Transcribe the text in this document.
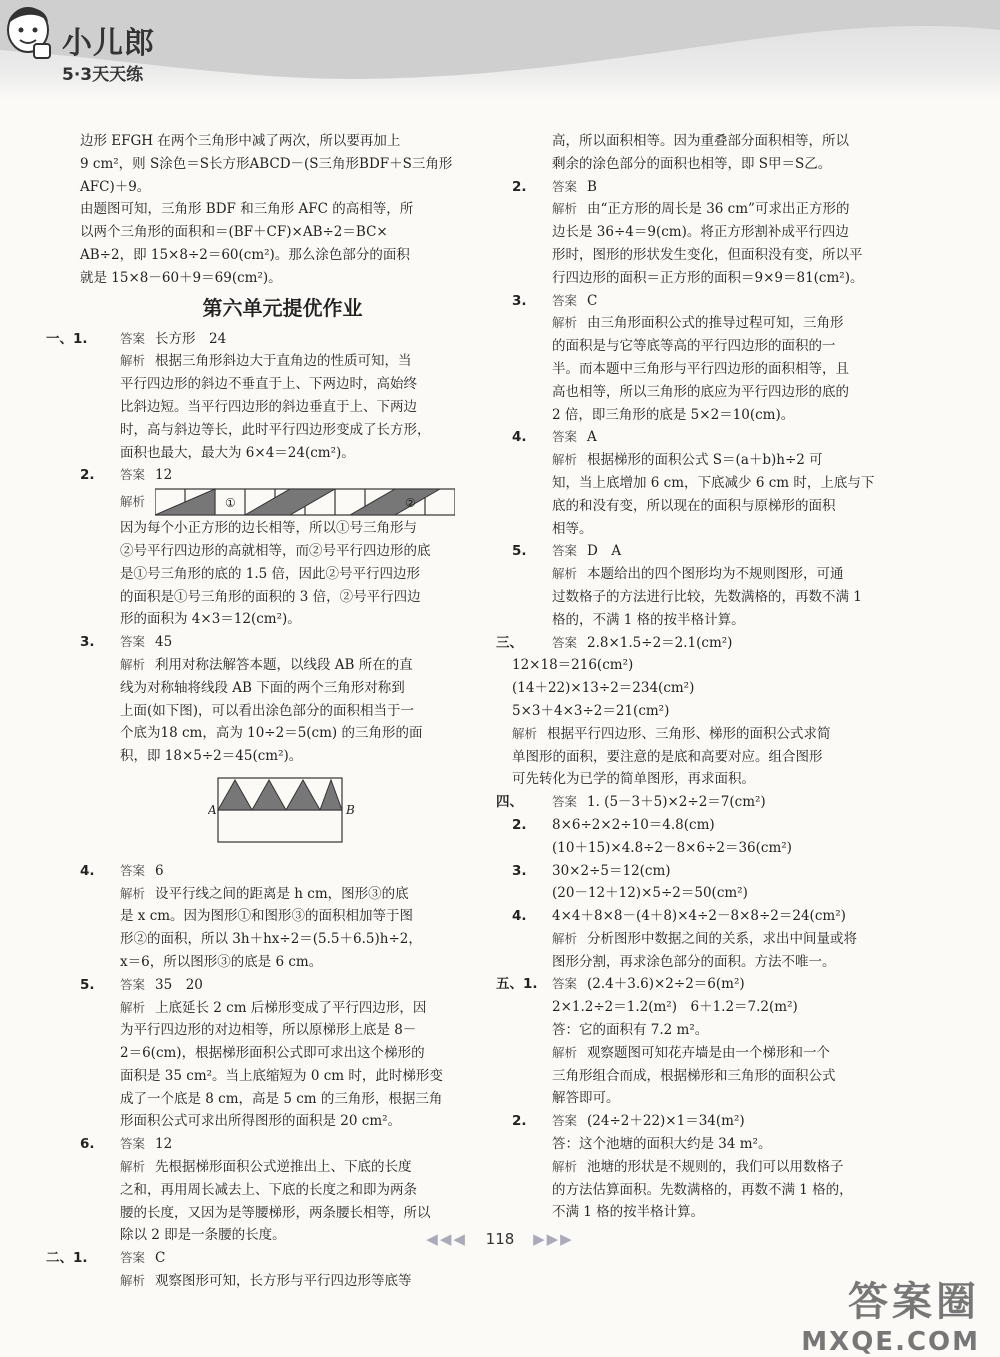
小儿郎
5·3天天练

边形 EFGH 在两个三角形中减了两次，所以要再加上

9 cm²，则 S涂色＝S长方形ABCD－(S三角形BDF＋S三角形AFC)＋9。

由题图可知，三角形 BDF 和三角形 AFC 的高相等，所

以两个三角形的面积和＝(BF＋CF)×AB÷2＝BC×

AB÷2，即 15×8÷2＝60(cm²)。那么涂色部分的面积

就是 15×8－60＋9＝69(cm²)。

第六单元提优作业

一、1.	答案 长方形　24

解析 根据三角形斜边大于直角边的性质可知，当

平行四边形的斜边不垂直于上、下两边时，高始终

比斜边短。当平行四边形的斜边垂直于上、下两边

时，高与斜边等长，此时平行四边形变成了长方形，

面积也最大，最大为 6×4＝24(cm²)。

2. 答案 12

解析	①	②

因为每个小正方形的边长相等，所以①号三角形与

②号平行四边形的高就相等，而②号平行四边形的底

是①号三角形的底的 1.5 倍，因此②号平行四边形

的面积是①号三角形的面积的 3 倍，②号平行四边

形的面积为 4×3＝12(cm²)。

3. 答案 45

解析 利用对称法解答本题，以线段 AB 所在的直

线为对称轴将线段 AB 下面的两个三角形对称到

上面(如下图)，可以看出涂色部分的面积相当于一

个底为18 cm，高为 10÷2＝5(cm) 的三角形的面

积，即 18×5÷2＝45(cm²)。

A	B

4. 答案 6

解析 设平行线之间的距离是 h cm，图形③的底

是 x cm。因为图形①和图形③的面积相加等于图

形②的面积，所以 3h＋hx÷2＝(5.5＋6.5)h÷2，

x＝6，所以图形③的底是 6 cm。

5. 答案 35　20

解析 上底延长 2 cm 后梯形变成了平行四边形，因

为平行四边形的对边相等，所以原梯形上底是 8－

2＝6(cm)，根据梯形面积公式即可求出这个梯形的

面积是 35 cm²。当上底缩短为 0 cm 时，此时梯形变

成了一个底是 8 cm，高是 5 cm 的三角形，根据三角

形面积公式可求出所得图形的面积是 20 cm²。

6. 答案 12

解析 先根据梯形面积公式逆推出上、下底的长度

之和，再用周长减去上、下底的长度之和即为两条

腰的长度，又因为是等腰梯形，两条腰长相等，所以

除以 2 即是一条腰的长度。

二、1.	答案 C

解析 观察图形可知，长方形与平行四边形等底等

高，所以面积相等。因为重叠部分面积相等，所以

剩余的涂色部分的面积也相等，即 S甲＝S乙。

2. 答案 B

解析 由“正方形的周长是 36 cm”可求出正方形的

边长是 36÷4＝9(cm)。将正方形割补成平行四边

形时，图形的形状发生变化，但面积没有变，所以平

行四边形的面积＝正方形的面积＝9×9＝81(cm²)。

3. 答案 C

解析 由三角形面积公式的推导过程可知，三角形

的面积是与它等底等高的平行四边形的面积的一

半。而本题中三角形与平行四边形的面积相等，且

高也相等，所以三角形的底应为平行四边形的底的

2 倍，即三角形的底是 5×2＝10(cm)。

4. 答案 A

解析 根据梯形的面积公式 S＝(a＋b)h÷2 可

知，当上底增加 6 cm，下底减少 6 cm 时，上底与下

底的和没有变，所以现在的面积与原梯形的面积

相等。

5. 答案 D　A

解析 本题给出的四个图形均为不规则图形，可通

过数格子的方法进行比较，先数满格的，再数不满 1

格的，不满 1 格的按半格计算。

三、 答案 2.8×1.5÷2＝2.1(cm²)

12×18＝216(cm²)

(14＋22)×13÷2＝234(cm²)

5×3＋4×3÷2＝21(cm²)

解析 根据平行四边形、三角形、梯形的面积公式求简

单图形的面积，要注意的是底和高要对应。组合图形

可先转化为已学的简单图形，再求面积。

四、 答案 1. (5－3＋5)×2÷2＝7(cm²)

2. 8×6÷2×2÷10＝4.8(cm)

(10＋15)×4.8÷2－8×6÷2＝36(cm²)

3. 30×2÷5＝12(cm)

(20－12＋12)×5÷2＝50(cm²)

4. 4×4＋8×8－(4＋8)×4÷2－8×8÷2＝24(cm²)

解析 分析图形中数据之间的关系，求出中间量或将

图形分割，再求涂色部分的面积。方法不唯一。

五、1. 答案 (2.4＋3.6)×2÷2＝6(m²)

2×1.2÷2＝1.2(m²)　6＋1.2＝7.2(m²)

答：它的面积有 7.2 m²。

解析 观察题图可知花卉墙是由一个梯形和一个

三角形组合而成，根据梯形和三角形的面积公式

解答即可。

2. 答案 (24÷2＋22)×1＝34(m²)

答：这个池塘的面积大约是 34 m²。

解析 池塘的形状是不规则的，我们可以用数格子

的方法估算面积。先数满格的，再数不满 1 格的，

不满 1 格的按半格计算。

◀◀◀ 118 ▶▶▶
答案圈
MXQE.COM
